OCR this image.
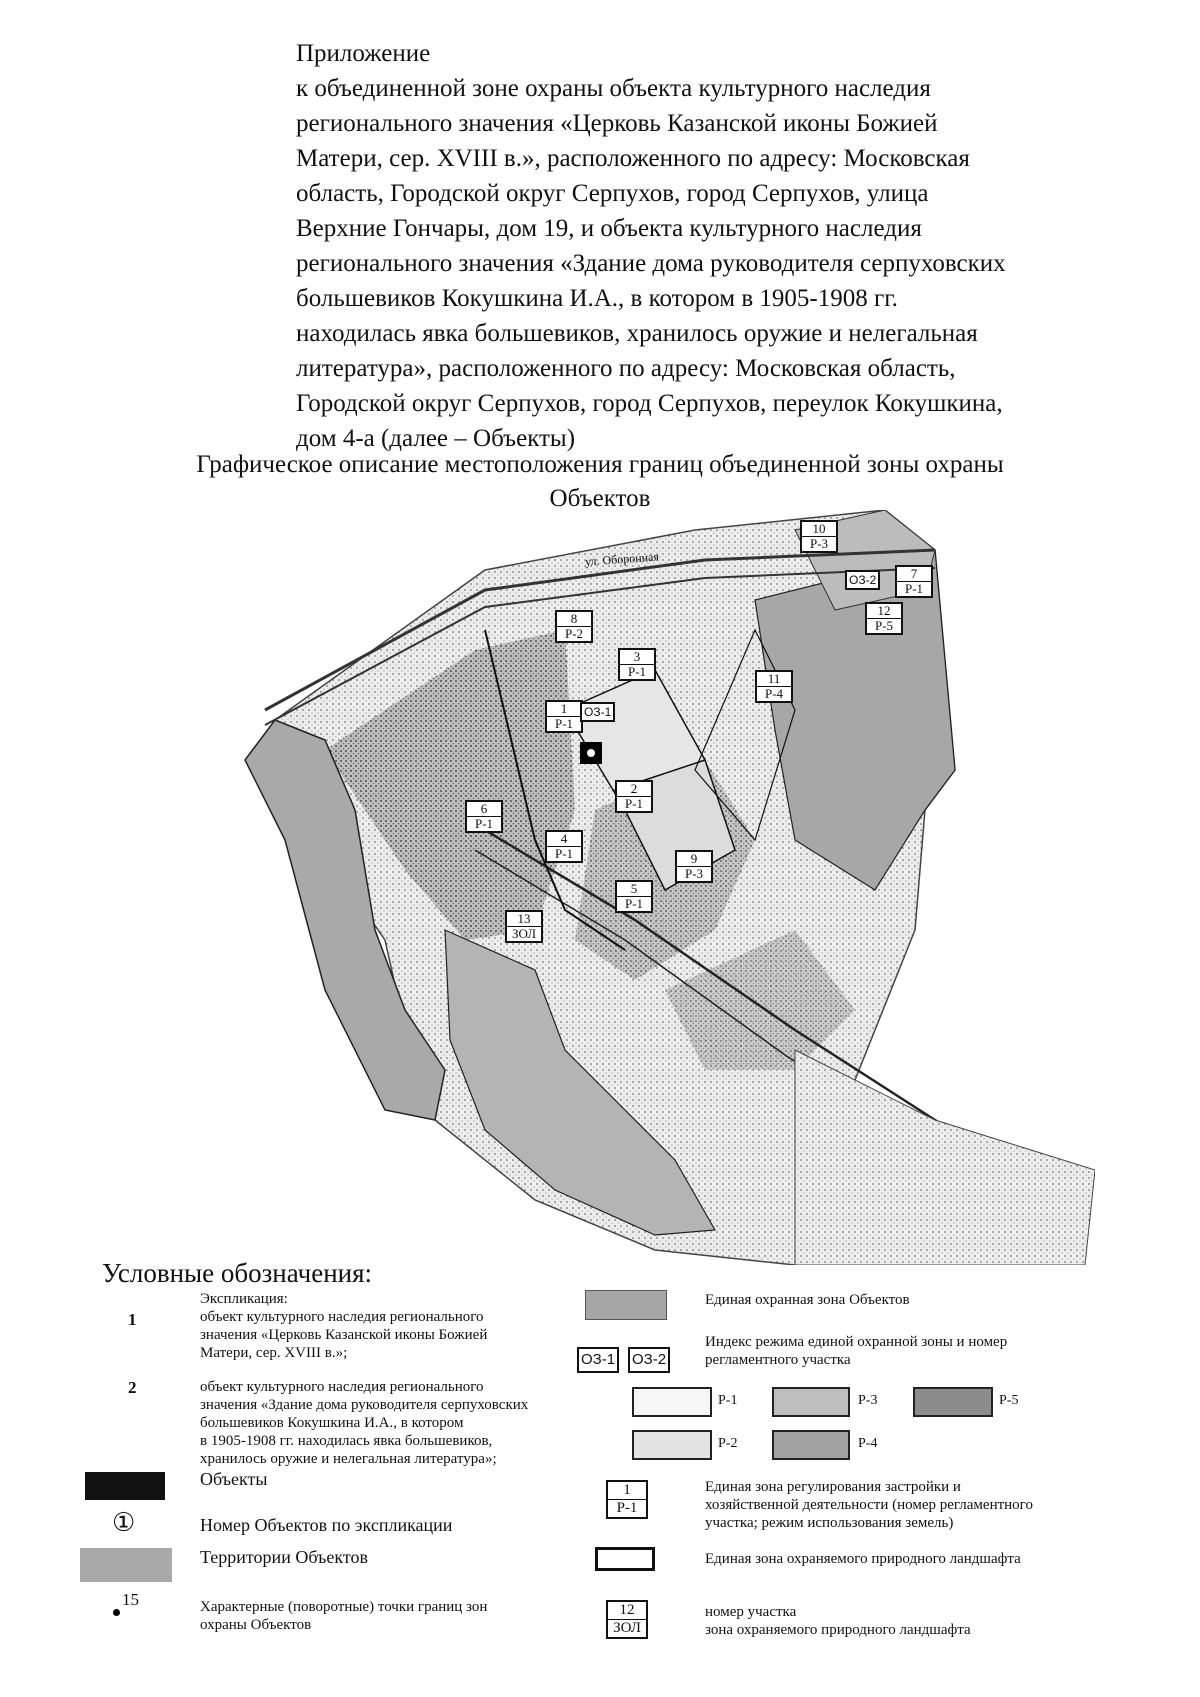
Приложение
к объединенной зоне охраны объекта культурного наследия
регионального значения «Церковь Казанской иконы Божией
Матери, сер. XVIII в.», расположенного по адресу: Московская
область, Городской округ Серпухов, город Серпухов, улица
Верхние Гончары, дом 19, и объекта культурного наследия
регионального значения «Здание дома руководителя серпуховских
большевиков Кокушкина И.А., в котором в 1905-1908 гг.
находилась явка большевиков, хранилось оружие и нелегальная
литература», расположенного по адресу: Московская область,
Городской округ Серпухов, город Серпухов, переулок Кокушкина,
дом 4-а (далее – Объекты)
Графическое описание местоположения границ объединенной зоны охраны
Объектов
ул. Оборонная
10
Р-3
7
Р-1
12
Р-5
8
Р-2
3
Р-1	11
Р-4
1
Р-1
2
Р-1
6
Р-1
4
Р-1	9
Р-3
5
Р-1
13
ЗОЛ
ОЗ-1
ОЗ-2
Условные обозначения:
Экспликация:
1	объект культурного наследия регионального
значения «Церковь Казанской иконы Божией
Матери, сер. XVIII в.»;
2	объект культурного наследия регионального
значения «Здание дома руководителя серпуховских
большевиков Кокушкина И.А., в котором
в 1905-1908 гг. находилась явка большевиков,
хранилось оружие и нелегальная литература»;
Объекты
①	Номер Объектов по экспликации
Территории Объектов
15	Характерные (поворотные) точки границ зон
охраны Объектов
Единая охранная зона Объектов
ОЗ-1 ОЗ-2
Индекс режима единой охранной зоны и номер
регламентного участка
Р-1	Р-3	Р-5
Р-2	Р-4
1
Р-1
Единая зона регулирования застройки и
хозяйственной деятельности (номер регламентного
участка; режим использования земель)
Единая зона охраняемого природного ландшафта
12
ЗОЛ
номер участка
зона охраняемого природного ландшафта
